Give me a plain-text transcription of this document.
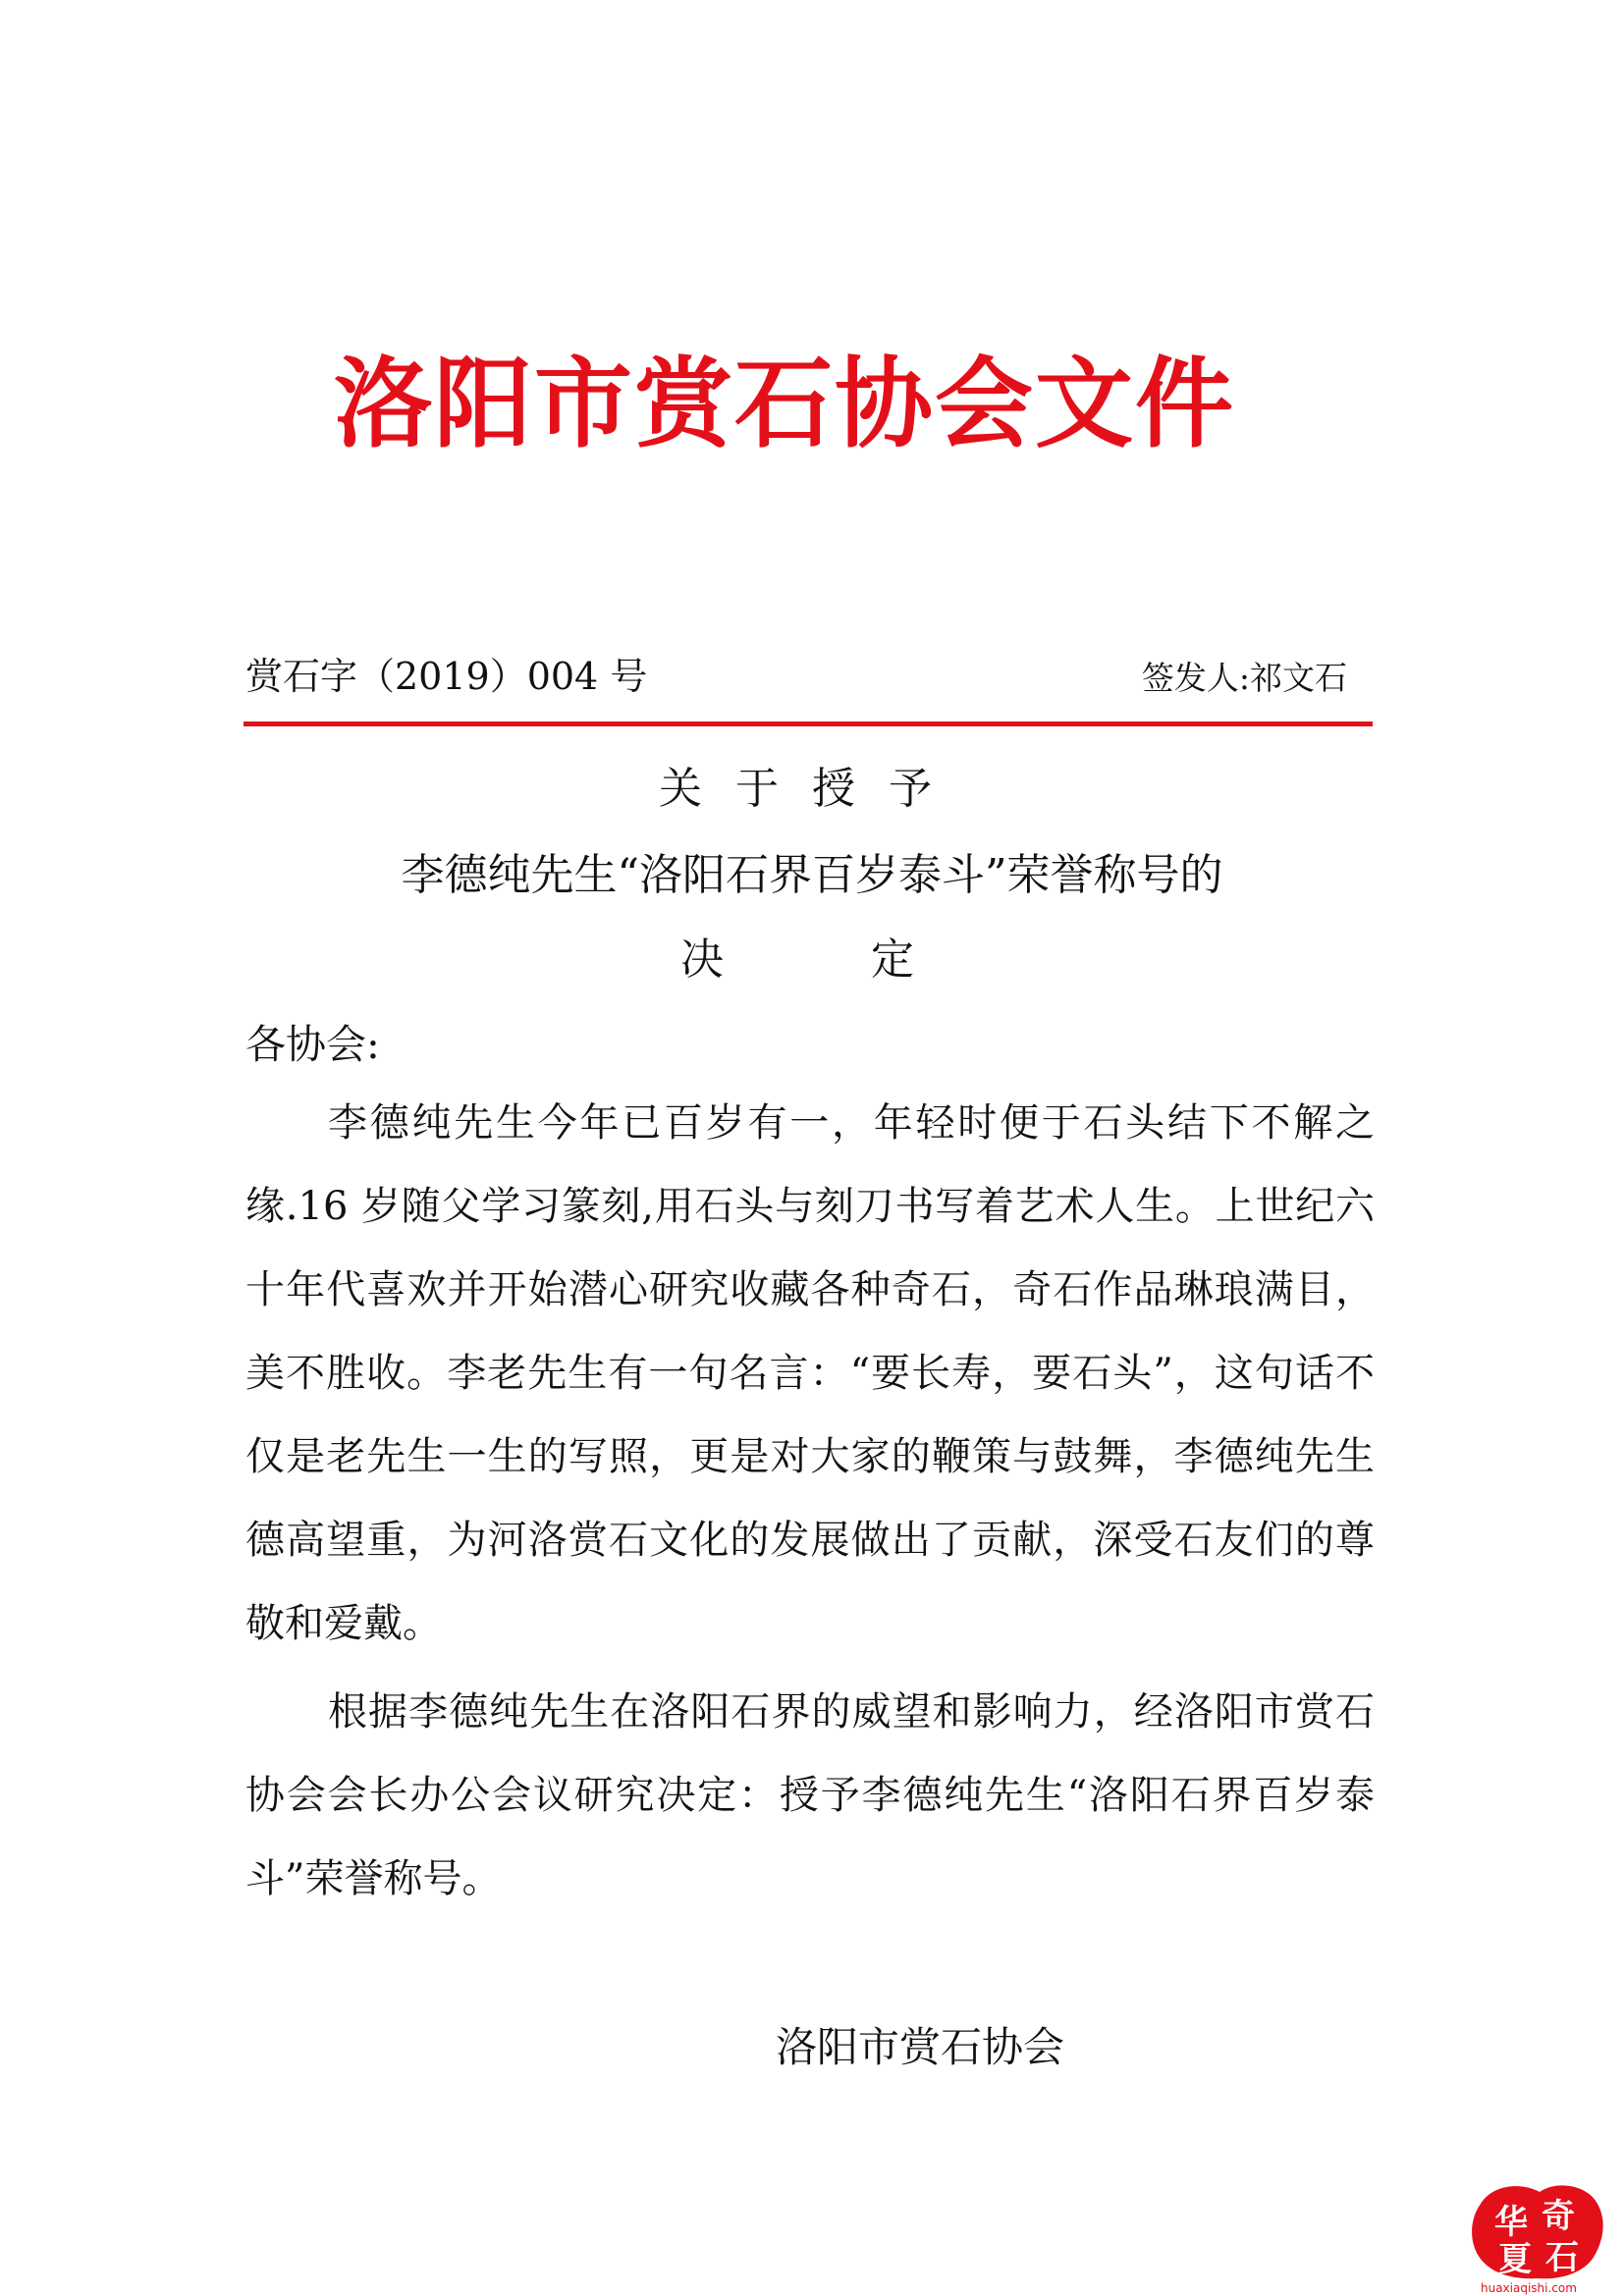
洛阳市赏石协会文件
赏石字（2019）004 号	签发人:祁文石
关于授予
李德纯先生“洛阳石界百岁泰斗”荣誉称号的
决定
各协会:

李德纯先生今年已百岁有一，年轻时便于石头结下不解之缘.16 岁随父学习篆刻,用石头与刻刀书写着艺术人生。上世纪六十年代喜欢并开始潜心研究收藏各种奇石，奇石作品琳琅满目，美不胜收。李老先生有一句名言：“要长寿，要石头”，这句话不仅是老先生一生的写照，更是对大家的鞭策与鼓舞，李德纯先生德高望重，为河洛赏石文化的发展做出了贡献，深受石友们的尊敬和爱戴。

根据李德纯先生在洛阳石界的威望和影响力，经洛阳市赏石协会会长办公会议研究决定：授予李德纯先生“洛阳石界百岁泰斗”荣誉称号。

洛阳市赏石协会
华 奇
夏 石
huaxiaqishi.com
